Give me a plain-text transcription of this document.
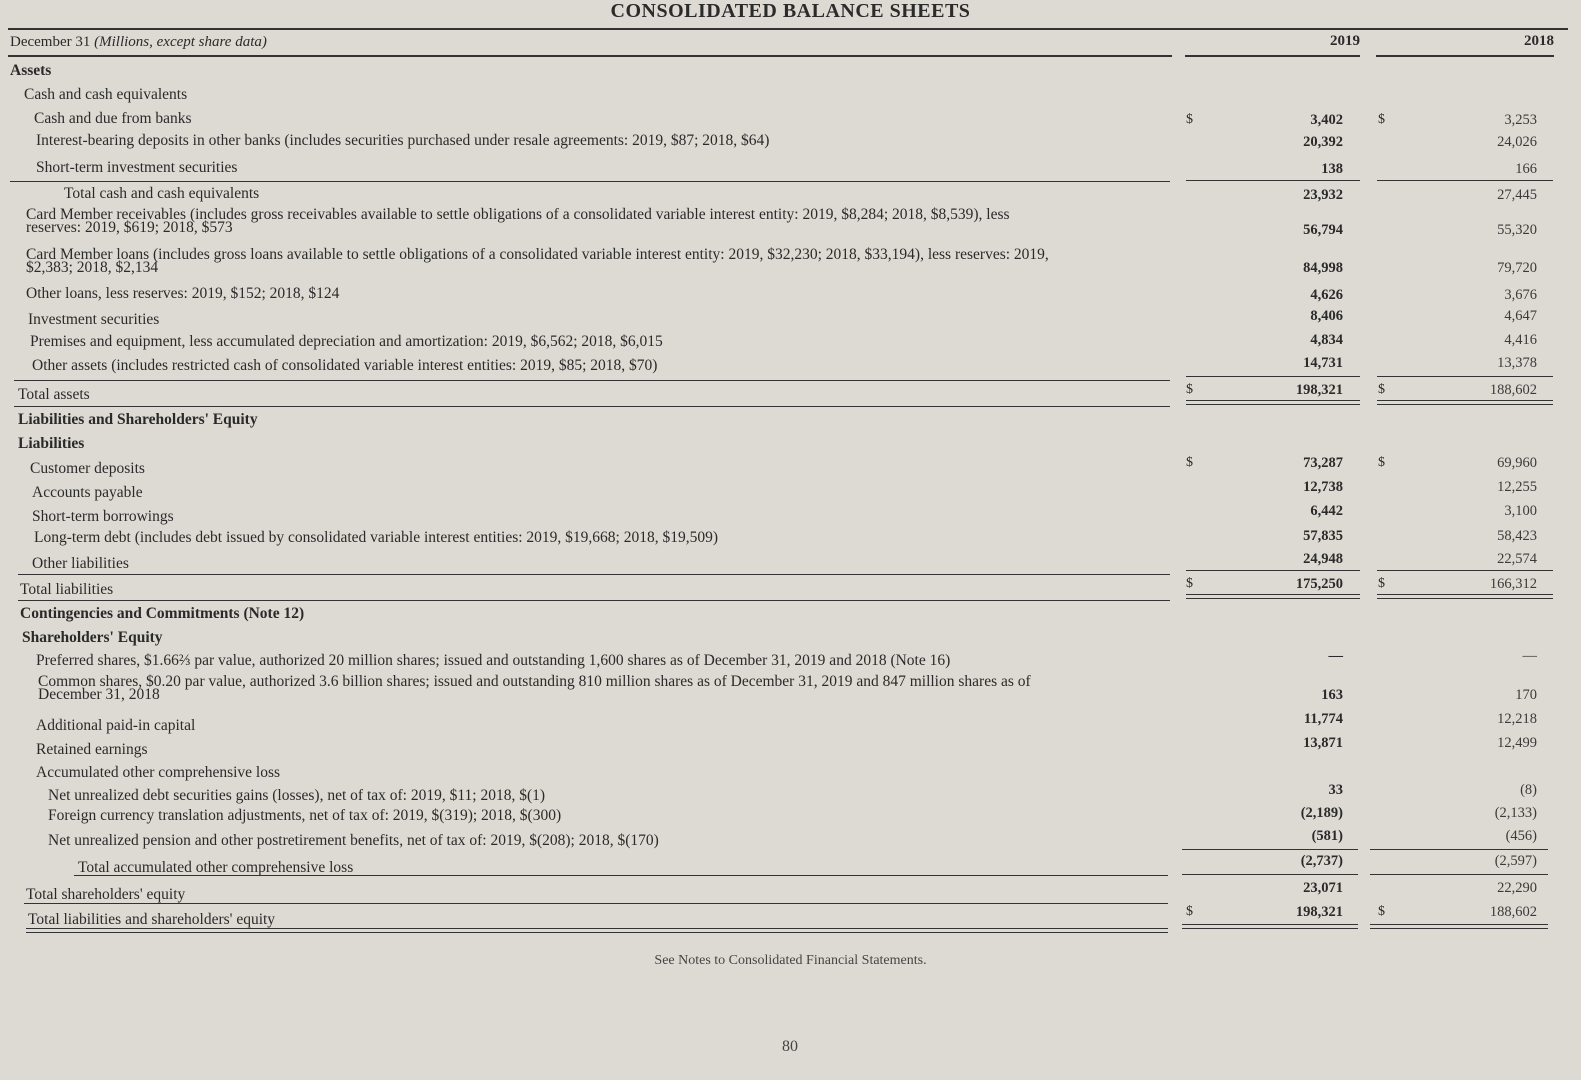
CONSOLIDATED BALANCE SHEETS
December 31 (Millions, except share data)	2019	2018
Assets
Cash and cash equivalents
Cash and due from banks	$	3,402	$	3,253
Interest-bearing deposits in other banks (includes securities purchased under resale agreements: 2019, $87; 2018, $64)	20,392	24,026
Short-term investment securities	138	166
Total cash and cash equivalents	23,932	27,445
Card Member receivables (includes gross receivables available to settle obligations of a consolidated variable interest entity: 2019, $8,284; 2018, $8,539), less
reserves: 2019, $619; 2018, $573	56,794	55,320
Card Member loans (includes gross loans available to settle obligations of a consolidated variable interest entity: 2019, $32,230; 2018, $33,194), less reserves: 2019,
$2,383; 2018, $2,134	84,998	79,720
Other loans, less reserves: 2019, $152; 2018, $124	4,626	3,676
Investment securities	8,406	4,647
Premises and equipment, less accumulated depreciation and amortization: 2019, $6,562; 2018, $6,015	4,834	4,416
Other assets (includes restricted cash of consolidated variable interest entities: 2019, $85; 2018, $70)	14,731	13,378
Total assets	$	198,321	$	188,602
Liabilities and Shareholders' Equity
Liabilities
Customer deposits	$	73,287	$	69,960
Accounts payable	12,738	12,255
Short-term borrowings	6,442	3,100
Long-term debt (includes debt issued by consolidated variable interest entities: 2019, $19,668; 2018, $19,509)	57,835	58,423
Other liabilities	24,948	22,574
Total liabilities	$	175,250	$	166,312
Contingencies and Commitments (Note 12)
Shareholders' Equity
Preferred shares, $1.66⅔ par value, authorized 20 million shares; issued and outstanding 1,600 shares as of December 31, 2019 and 2018 (Note 16)	—	—
Common shares, $0.20 par value, authorized 3.6 billion shares; issued and outstanding 810 million shares as of December 31, 2019 and 847 million shares as of
December 31, 2018	163	170
Additional paid-in capital	11,774	12,218
Retained earnings	13,871	12,499
Accumulated other comprehensive loss
Net unrealized debt securities gains (losses), net of tax of: 2019, $11; 2018, $(1)	33	(8)
Foreign currency translation adjustments, net of tax of: 2019, $(319); 2018, $(300)	(2,189)	(2,133)
Net unrealized pension and other postretirement benefits, net of tax of: 2019, $(208); 2018, $(170)	(581)	(456)
Total accumulated other comprehensive loss	(2,737)	(2,597)
Total shareholders' equity	23,071	22,290
Total liabilities and shareholders' equity	$	198,321	$	188,602
See Notes to Consolidated Financial Statements.
80
